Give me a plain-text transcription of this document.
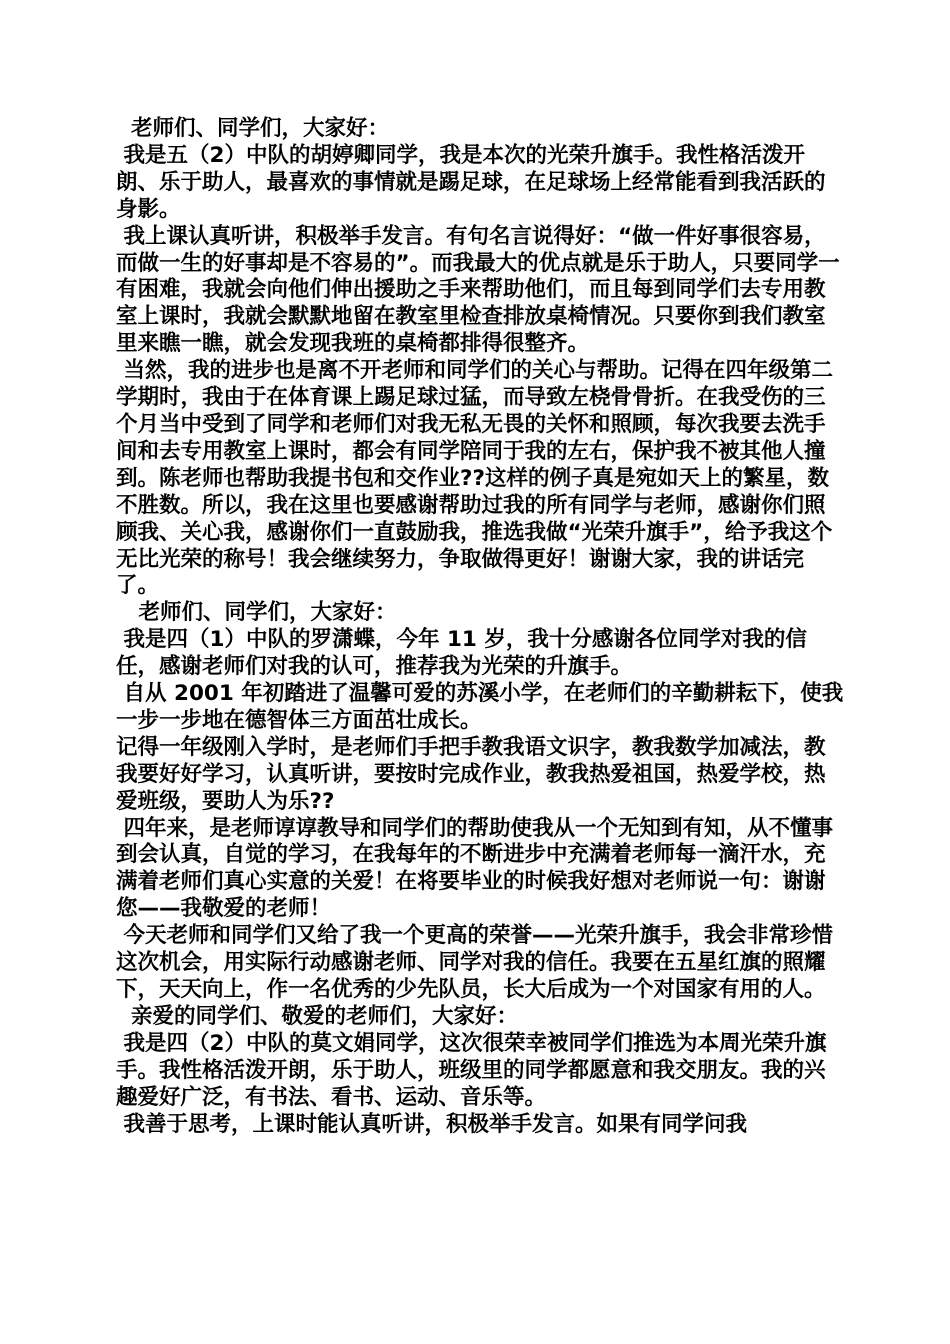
老师们、同学们，大家好：

我是五（2）中队的胡婷卿同学，我是本次的光荣升旗手。我性格活泼开朗、乐于助人，最喜欢的事情就是踢足球，在足球场上经常能看到我活跃的身影。

我上课认真听讲，积极举手发言。有句名言说得好：“做一件好事很容易，而做一生的好事却是不容易的”。而我最大的优点就是乐于助人，只要同学一有困难，我就会向他们伸出援助之手来帮助他们，而且每到同学们去专用教室上课时，我就会默默地留在教室里检查排放桌椅情况。只要你到我们教室里来瞧一瞧，就会发现我班的桌椅都排得很整齐。

当然，我的进步也是离不开老师和同学们的关心与帮助。记得在四年级第二学期时，我由于在体育课上踢足球过猛，而导致左桡骨骨折。在我受伤的三个月当中受到了同学和老师们对我无私无畏的关怀和照顾，每次我要去洗手间和去专用教室上课时，都会有同学陪同于我的左右，保护我不被其他人撞到。陈老师也帮助我提书包和交作业??这样的例子真是宛如天上的繁星，数不胜数。所以，我在这里也要感谢帮助过我的所有同学与老师，感谢你们照顾我、关心我，感谢你们一直鼓励我，推选我做“光荣升旗手”，给予我这个无比光荣的称号！我会继续努力，争取做得更好！谢谢大家，我的讲话完了。

老师们、同学们，大家好：

我是四（1）中队的罗潇蝶，今年 11 岁，我十分感谢各位同学对我的信任，感谢老师们对我的认可，推荐我为光荣的升旗手。

自从 2001 年初踏进了温馨可爱的苏溪小学，在老师们的辛勤耕耘下，使我一步一步地在德智体三方面茁壮成长。

记得一年级刚入学时，是老师们手把手教我语文识字，教我数学加减法，教我要好好学习，认真听讲，要按时完成作业，教我热爱祖国，热爱学校，热爱班级，要助人为乐??

四年来，是老师谆谆教导和同学们的帮助使我从一个无知到有知，从不懂事到会认真，自觉的学习，在我每年的不断进步中充满着老师每一滴汗水，充满着老师们真心实意的关爱！在将要毕业的时候我好想对老师说一句：谢谢您——我敬爱的老师！

今天老师和同学们又给了我一个更高的荣誉——光荣升旗手，我会非常珍惜这次机会，用实际行动感谢老师、同学对我的信任。我要在五星红旗的照耀下，天天向上，作一名优秀的少先队员，长大后成为一个对国家有用的人。

亲爱的同学们、敬爱的老师们，大家好：

我是四（2）中队的莫文娟同学，这次很荣幸被同学们推选为本周光荣升旗手。我性格活泼开朗，乐于助人，班级里的同学都愿意和我交朋友。我的兴趣爱好广泛，有书法、看书、运动、音乐等。

我善于思考，上课时能认真听讲，积极举手发言。如果有同学问我
